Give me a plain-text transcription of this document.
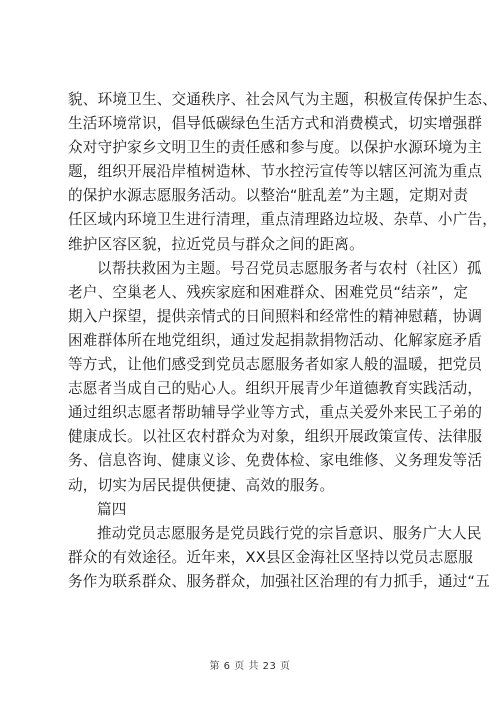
貌、环境卫生、交通秩序、社会风气为主题，积极宣传保护生态、
生活环境常识，倡导低碳绿色生活方式和消费模式，切实增强群
众对守护家乡文明卫生的责任感和参与度。以保护水源环境为主
题，组织开展沿岸植树造林、节水控污宣传等以辖区河流为重点
的保护水源志愿服务活动。以整治“脏乱差”为主题，定期对责
任区域内环境卫生进行清理，重点清理路边垃圾、杂草、小广告，
维护区容区貌，拉近党员与群众之间的距离。
以帮扶救困为主题。号召党员志愿服务者与农村（社区）孤
老户、空巢老人、残疾家庭和困难群众、困难党员“结亲”，定
期入户探望，提供亲情式的日间照料和经常性的精神慰藉，协调
困难群体所在地党组织，通过发起捐款捐物活动、化解家庭矛盾
等方式，让他们感受到党员志愿服务者如家人般的温暖，把党员
志愿者当成自己的贴心人。组织开展青少年道德教育实践活动，
通过组织志愿者帮助辅导学业等方式，重点关爱外来民工子弟的
健康成长。以社区农村群众为对象，组织开展政策宣传、法律服
务、信息咨询、健康义诊、免费体检、家电维修、义务理发等活
动，切实为居民提供便捷、高效的服务。
篇四
推动党员志愿服务是党员践行党的宗旨意识、服务广大人民
群众的有效途径。近年来，XX县区金海社区坚持以党员志愿服
务作为联系群众、服务群众，加强社区治理的有力抓手，通过“五
第 6 页 共 23 页
